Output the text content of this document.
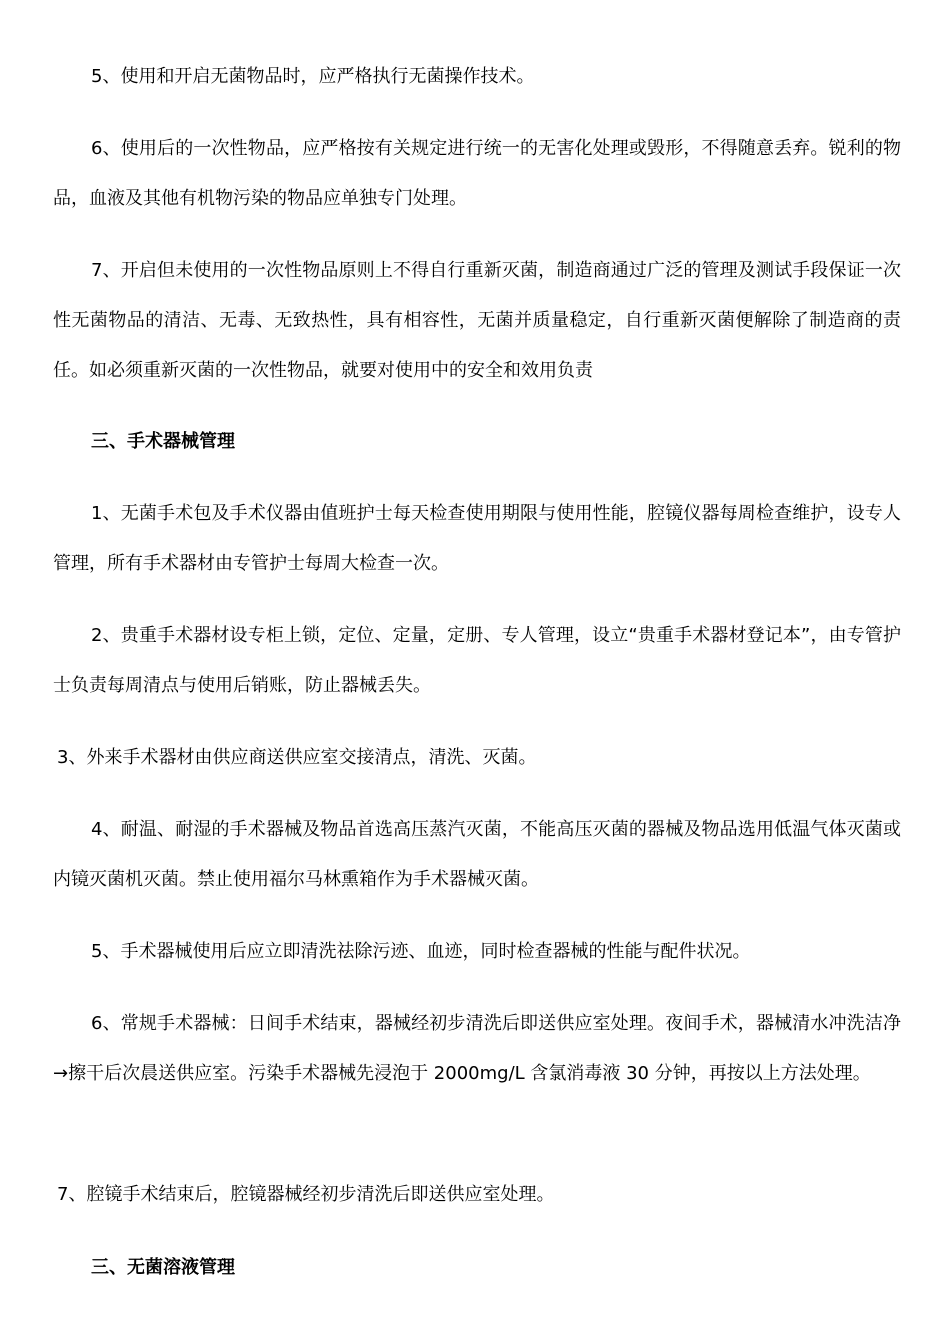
5、使用和开启无菌物品时，应严格执行无菌操作技术。

6、使用后的一次性物品，应严格按有关规定进行统一的无害化处理或毁形，不得随意丢弃。锐利的物品，血液及其他有机物污染的物品应单独专门处理。

7、开启但未使用的一次性物品原则上不得自行重新灭菌，制造商通过广泛的管理及测试手段保证一次性无菌物品的清洁、无毒、无致热性，具有相容性，无菌并质量稳定，自行重新灭菌便解除了制造商的责任。如必须重新灭菌的一次性物品，就要对使用中的安全和效用负责

三、手术器械管理

1、无菌手术包及手术仪器由值班护士每天检查使用期限与使用性能，腔镜仪器每周检查维护，设专人管理，所有手术器材由专管护士每周大检查一次。

2、贵重手术器材设专柜上锁，定位、定量，定册、专人管理，设立“贵重手术器材登记本”，由专管护士负责每周清点与使用后销账，防止器械丢失。

3、外来手术器材由供应商送供应室交接清点，清洗、灭菌。

4、耐温、耐湿的手术器械及物品首选高压蒸汽灭菌，不能高压灭菌的器械及物品选用低温气体灭菌或内镜灭菌机灭菌。禁止使用福尔马林熏箱作为手术器械灭菌。

5、手术器械使用后应立即清洗祛除污迹、血迹，同时检查器械的性能与配件状况。

6、常规手术器械：日间手术结束，器械经初步清洗后即送供应室处理。夜间手术，器械清水冲洗洁净→擦干后次晨送供应室。污染手术器械先浸泡于 2000mg/L 含氯消毒液 30 分钟，再按以上方法处理。

7、腔镜手术结束后，腔镜器械经初步清洗后即送供应室处理。

三、无菌溶液管理
